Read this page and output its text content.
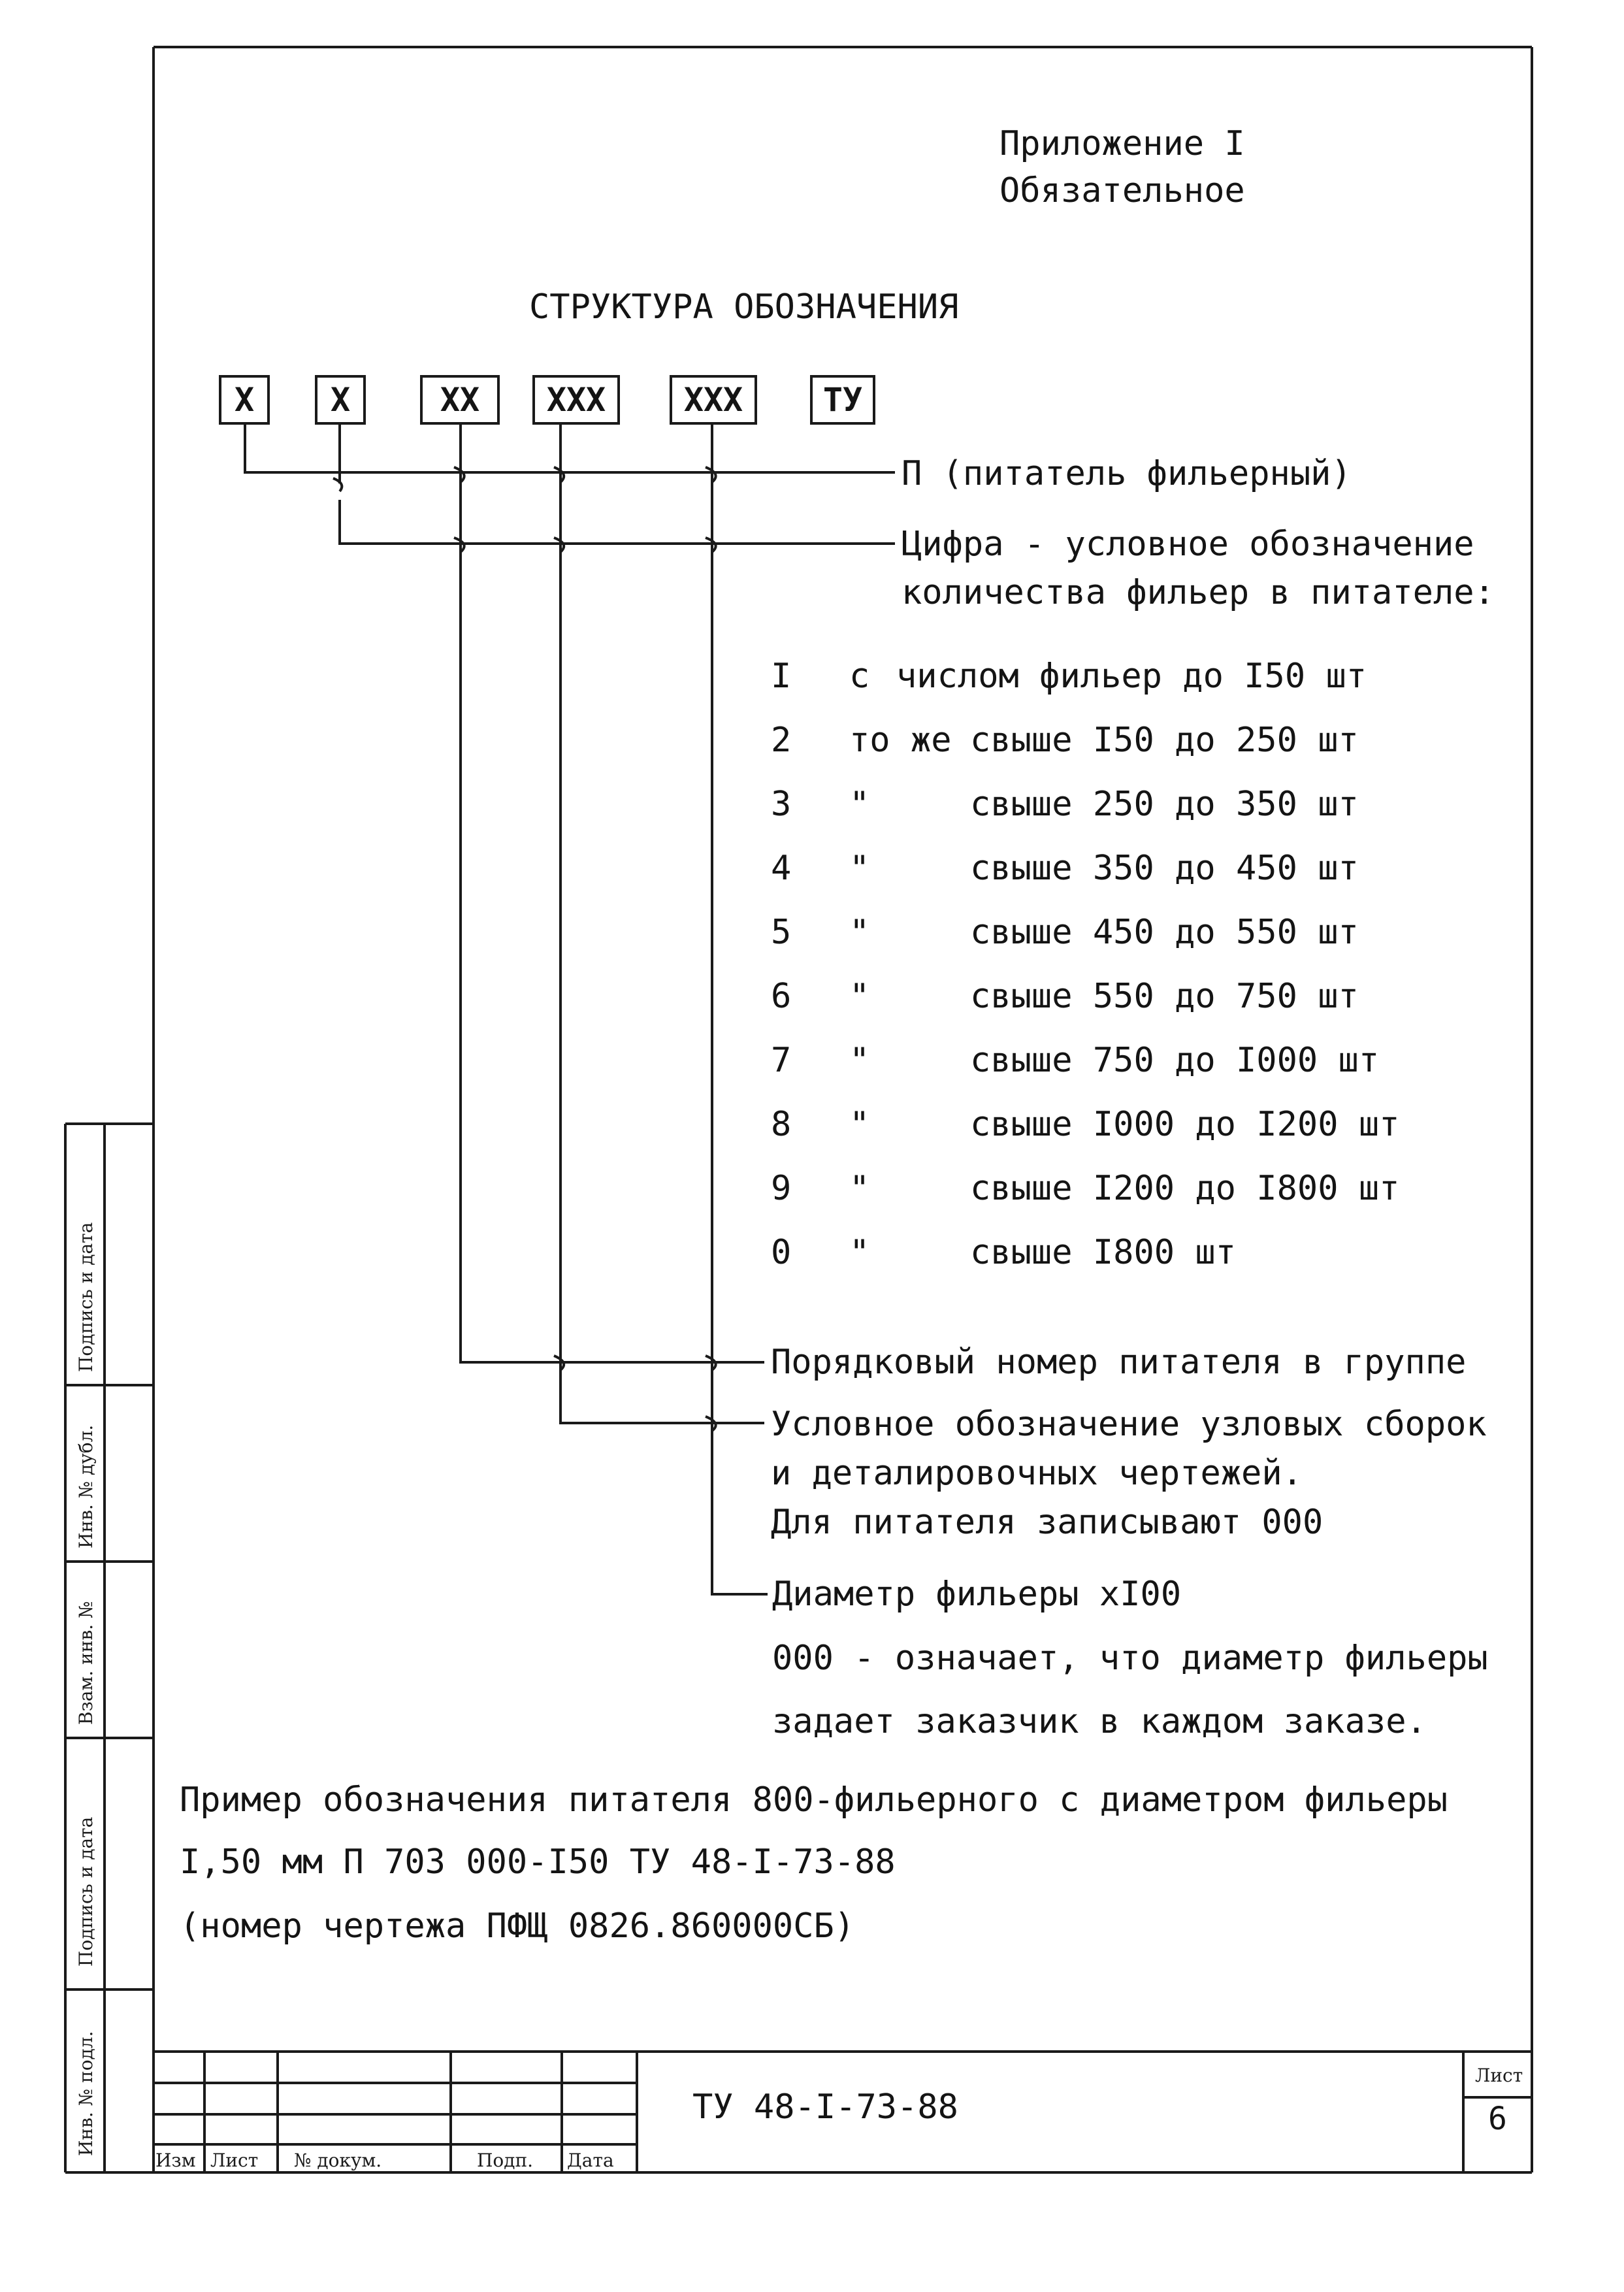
Приложение I
Обязательное
СТРУКТУРА ОБОЗНАЧЕНИЯ
X	X	XX	XXX	XXX	ТУ
П (питатель фильерный)
Цифра - условное обозначение
количества фильер в питателе:
I с числом фильер до I50 шт
2 то же свыше I50 до 250 шт
3 "	свыше 250 до 350 шт
4 "	свыше 350 до 450 шт
5 "	свыше 450 до 550 шт
6 "	свыше 550 до 750 шт
7 "	свыше 750 до I000 шт
8 "	свыше I000 до I200 шт
9 "	свыше I200 до I800 шт
0 "	свыше I800 шт
Порядковый номер питателя в группе
Условное обозначение узловых сборок
и деталировочных чертежей.
Для питателя записывают 000
Диаметр фильеры xI00
000 - означает, что диаметр фильеры
задает заказчик в каждом заказе.
Пример обозначения питателя 800-фильерного с диаметром фильеры
I,50 мм П 703 000-I50 ТУ 48-I-73-88
(номер чертежа ПФЩ 0826.860000СБ)
Инв. № подл.
Подпись и дата
Взам. инв. №
Инв. № дубл.
Подпись и дата
ТУ 48-I-73-88
Изм Лист № докум.	Подп. Дата
Лист
6
